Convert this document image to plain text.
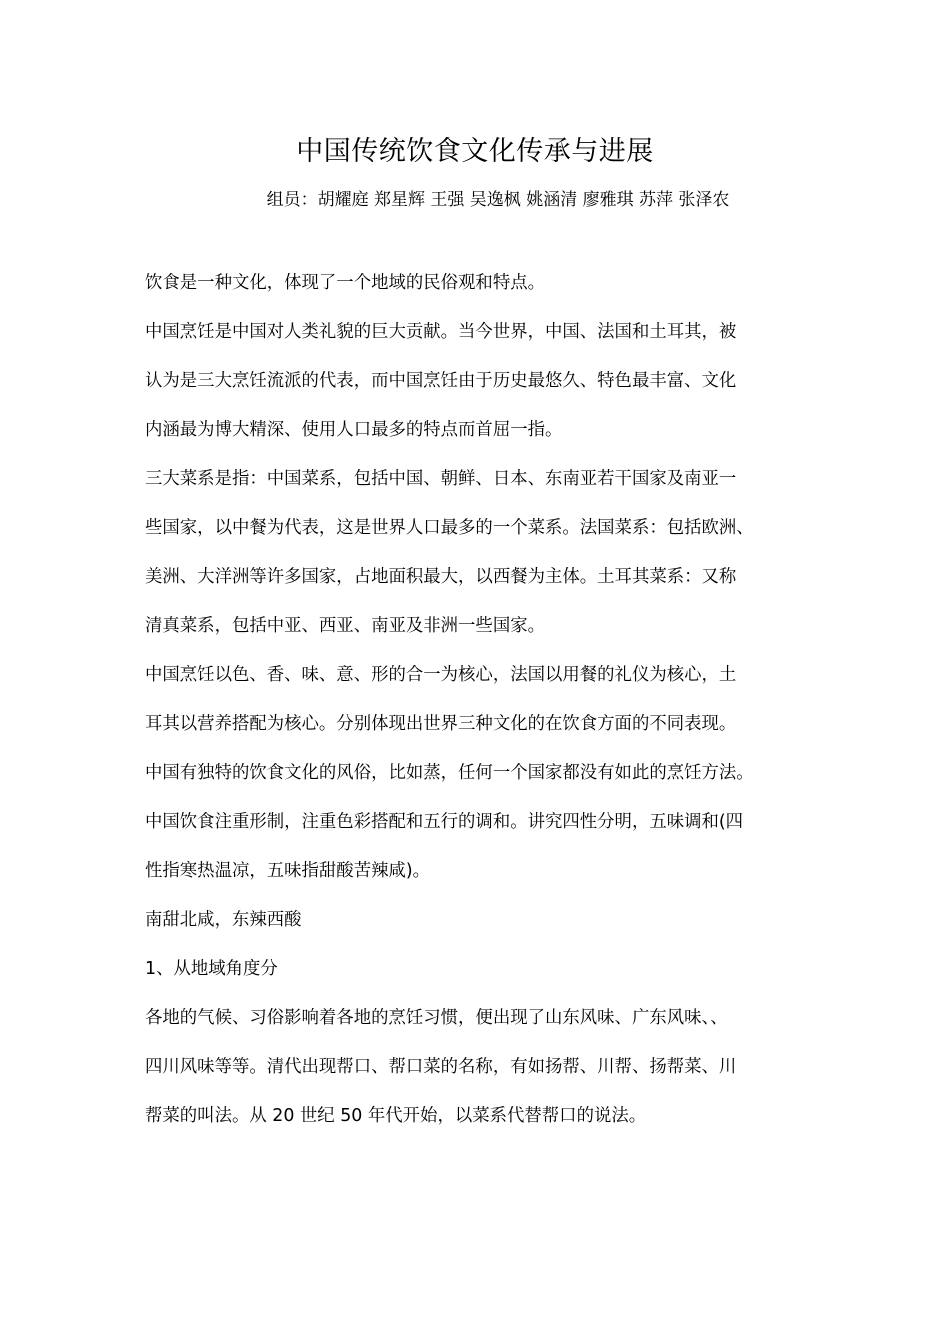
中国传统饮食文化传承与进展
组员：胡耀庭 郑星辉 王强 吴逸枫 姚涵清 廖雅琪 苏萍 张泽农

饮食是一种文化，体现了一个地域的民俗观和特点。

中国烹饪是中国对人类礼貌的巨大贡献。当今世界，中国、法国和土耳其，被
认为是三大烹饪流派的代表，而中国烹饪由于历史最悠久、特色最丰富、文化
内涵最为博大精深、使用人口最多的特点而首屈一指。

三大菜系是指：中国菜系，包括中国、朝鲜、日本、东南亚若干国家及南亚一
些国家，以中餐为代表，这是世界人口最多的一个菜系。法国菜系：包括欧洲、
美洲、大洋洲等许多国家，占地面积最大，以西餐为主体。土耳其菜系：又称
清真菜系，包括中亚、西亚、南亚及非洲一些国家。

中国烹饪以色、香、味、意、形的合一为核心，法国以用餐的礼仪为核心，土
耳其以营养搭配为核心。分别体现出世界三种文化的在饮食方面的不同表现。

中国有独特的饮食文化的风俗，比如蒸，任何一个国家都没有如此的烹饪方法。

中国饮食注重形制，注重色彩搭配和五行的调和。讲究四性分明，五味调和(四
性指寒热温凉，五味指甜酸苦辣咸)。

南甜北咸，东辣西酸

1、从地域角度分

各地的气候、习俗影响着各地的烹饪习惯，便出现了山东风味、广东风味、、
四川风味等等。清代出现帮口、帮口菜的名称，有如扬帮、川帮、扬帮菜、川
帮菜的叫法。从 20 世纪 50 年代开始，以菜系代替帮口的说法。
